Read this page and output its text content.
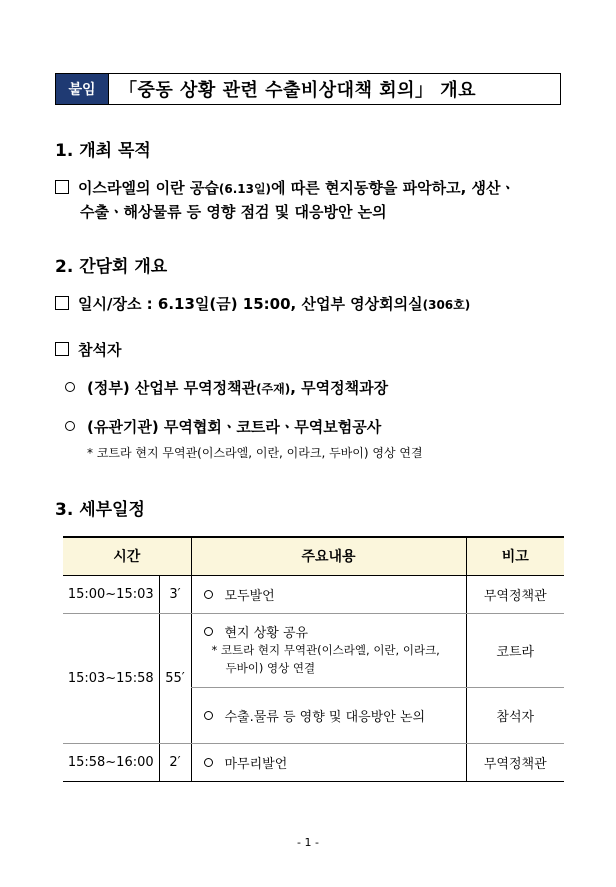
붙임	「중동 상황 관련 수출비상대책 회의」 개요
1. 개최 목적
이스라엘의 이란 공습(6.13일)에 따른 현지동향을 파악하고, 생산ㆍ
수출ㆍ해상물류 등 영향 점검 및 대응방안 논의
2. 간담회 개요
일시/장소 : 6.13일(금) 15:00, 산업부 영상회의실(306호)
참석자
(정부) 산업부 무역정책관(주재), 무역정책과장
(유관기관) 무역협회ㆍ코트라ㆍ무역보험공사
* 코트라 현지 무역관(이스라엘, 이란, 이라크, 두바이) 영상 연결
3. 세부일정
시간		주요내용	비고
15:00~15:03	3′	모두발언	무역정책관
15:03~15:58	55′	현지 상황 공유
* 코트라 현지 무역관(이스라엘, 이란, 이라크,
두바이) 영상 연결	코트라
		수출.물류 등 영향 및 대응방안 논의	참석자
15:58~16:00	2′	마무리발언	무역정책관
- 1 -
